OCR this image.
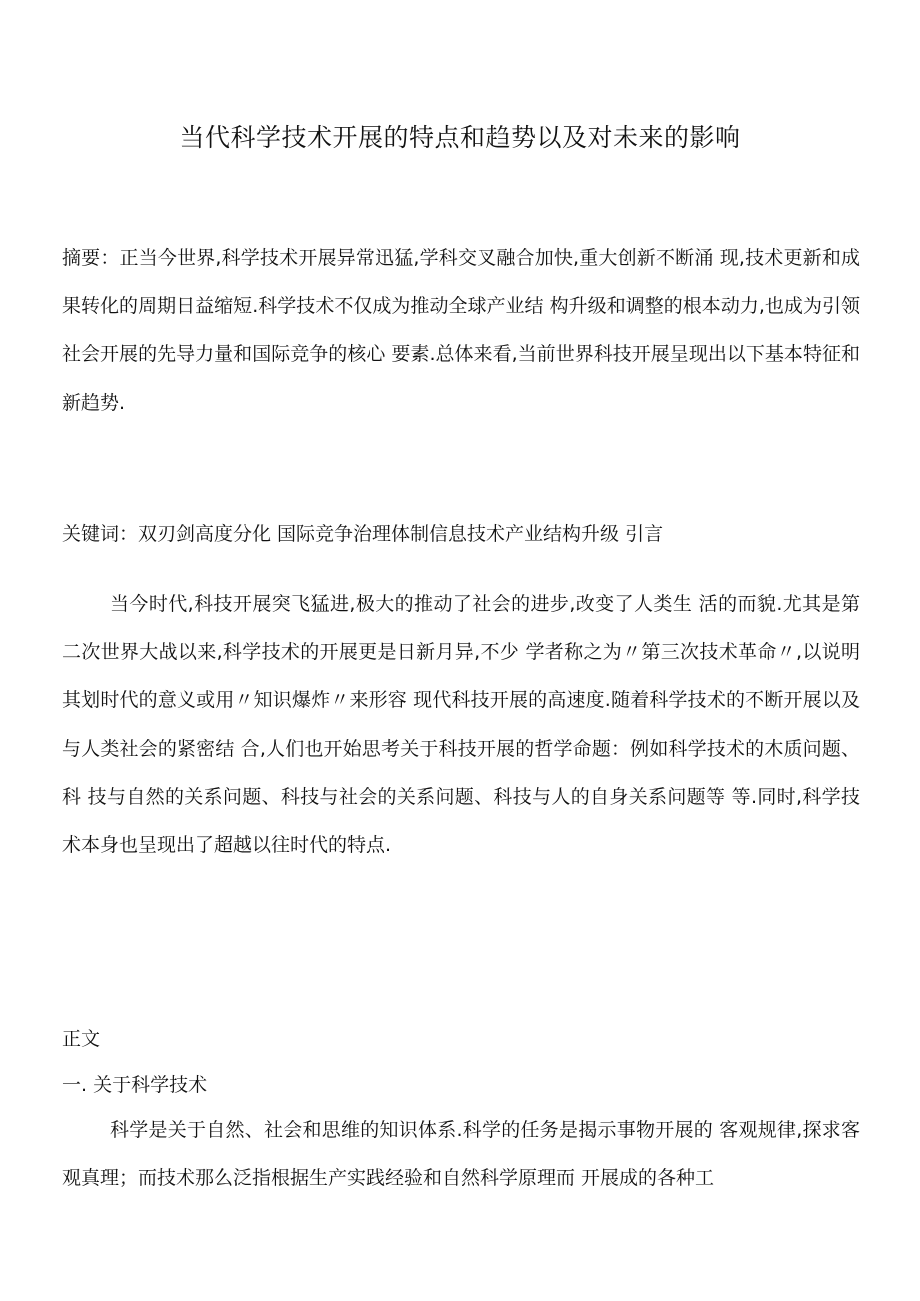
当代科学技术开展的特点和趋势以及对未来的影响

摘要：正当今世界,科学技术开展异常迅猛,学科交叉融合加快,重大创新不断涌 现,技术更新和成果转化的周期日益缩短.科学技术不仅成为推动全球产业结 构升级和调整的根本动力,也成为引领社会开展的先导力量和国际竞争的核心 要素.总体来看,当前世界科技开展呈现出以下基本特征和新趋势.

关键词：双刃剑高度分化 国际竞争治理体制信息技术产业结构升级 引言

当今时代,科技开展突飞猛进,极大的推动了社会的进步,改变了人类生 活的而貌.尤其是第二次世界大战以来,科学技术的开展更是日新月异,不少 学者称之为〃第三次技术革命〃,以说明其划时代的意义或用〃知识爆炸〃来形容 现代科技开展的高速度.随着科学技术的不断开展以及与人类社会的紧密结 合,人们也开始思考关于科技开展的哲学命题：例如科学技术的木质问题、科 技与自然的关系问题、科技与社会的关系问题、科技与人的自身关系问题等 等.同时,科学技术本身也呈现出了超越以往时代的特点.

正文

一. 关于科学技术

科学是关于自然、社会和思维的知识体系.科学的任务是揭示事物开展的 客观规律,探求客观真理；而技术那么泛指根据生产实践经验和自然科学原理而 开展成的各种工
